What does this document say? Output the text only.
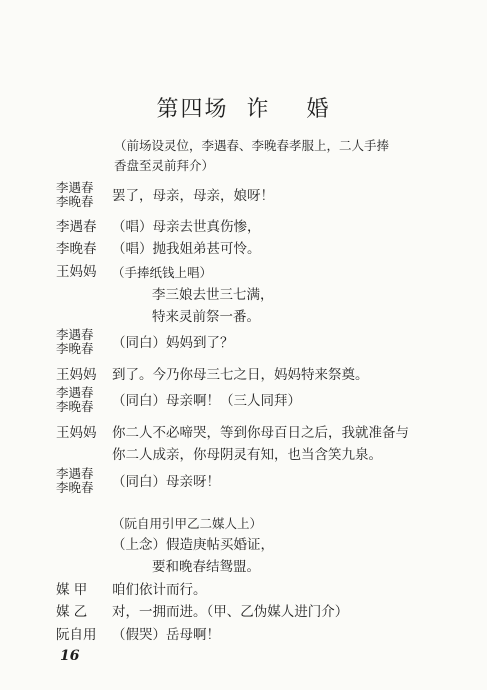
第四场  诈    婚
（前场设灵位，李遇春、李晚春孝服上，二人手捧
香盘至灵前拜介）
李遇春
李晚春 罢了，母亲，母亲，娘呀！
李遇春 （唱）母亲去世真伤惨，
李晚春 （唱）抛我姐弟甚可怜。
王妈妈 （手捧纸钱上唱）
李三娘去世三七满，
特来灵前祭一番。
李遇春
李晚春 （同白）妈妈到了？
王妈妈 到了。今乃你母三七之日，妈妈特来祭奠。
李遇春
李晚春 （同白）母亲啊！（三人同拜）
王妈妈 你二人不必啼哭，等到你母百日之后，我就准备与
你二人成亲，你母阴灵有知，也当含笑九泉。
李遇春
李晚春 （同白）母亲呀！
（阮自用引甲乙二媒人上）
（上念）假造庚帖买婚证，
要和晚春结鸳盟。
媒 甲 咱们依计而行。
媒 乙 对，一拥而进。（甲、乙伪媒人进门介）
阮自用 （假哭）岳母啊！
16
